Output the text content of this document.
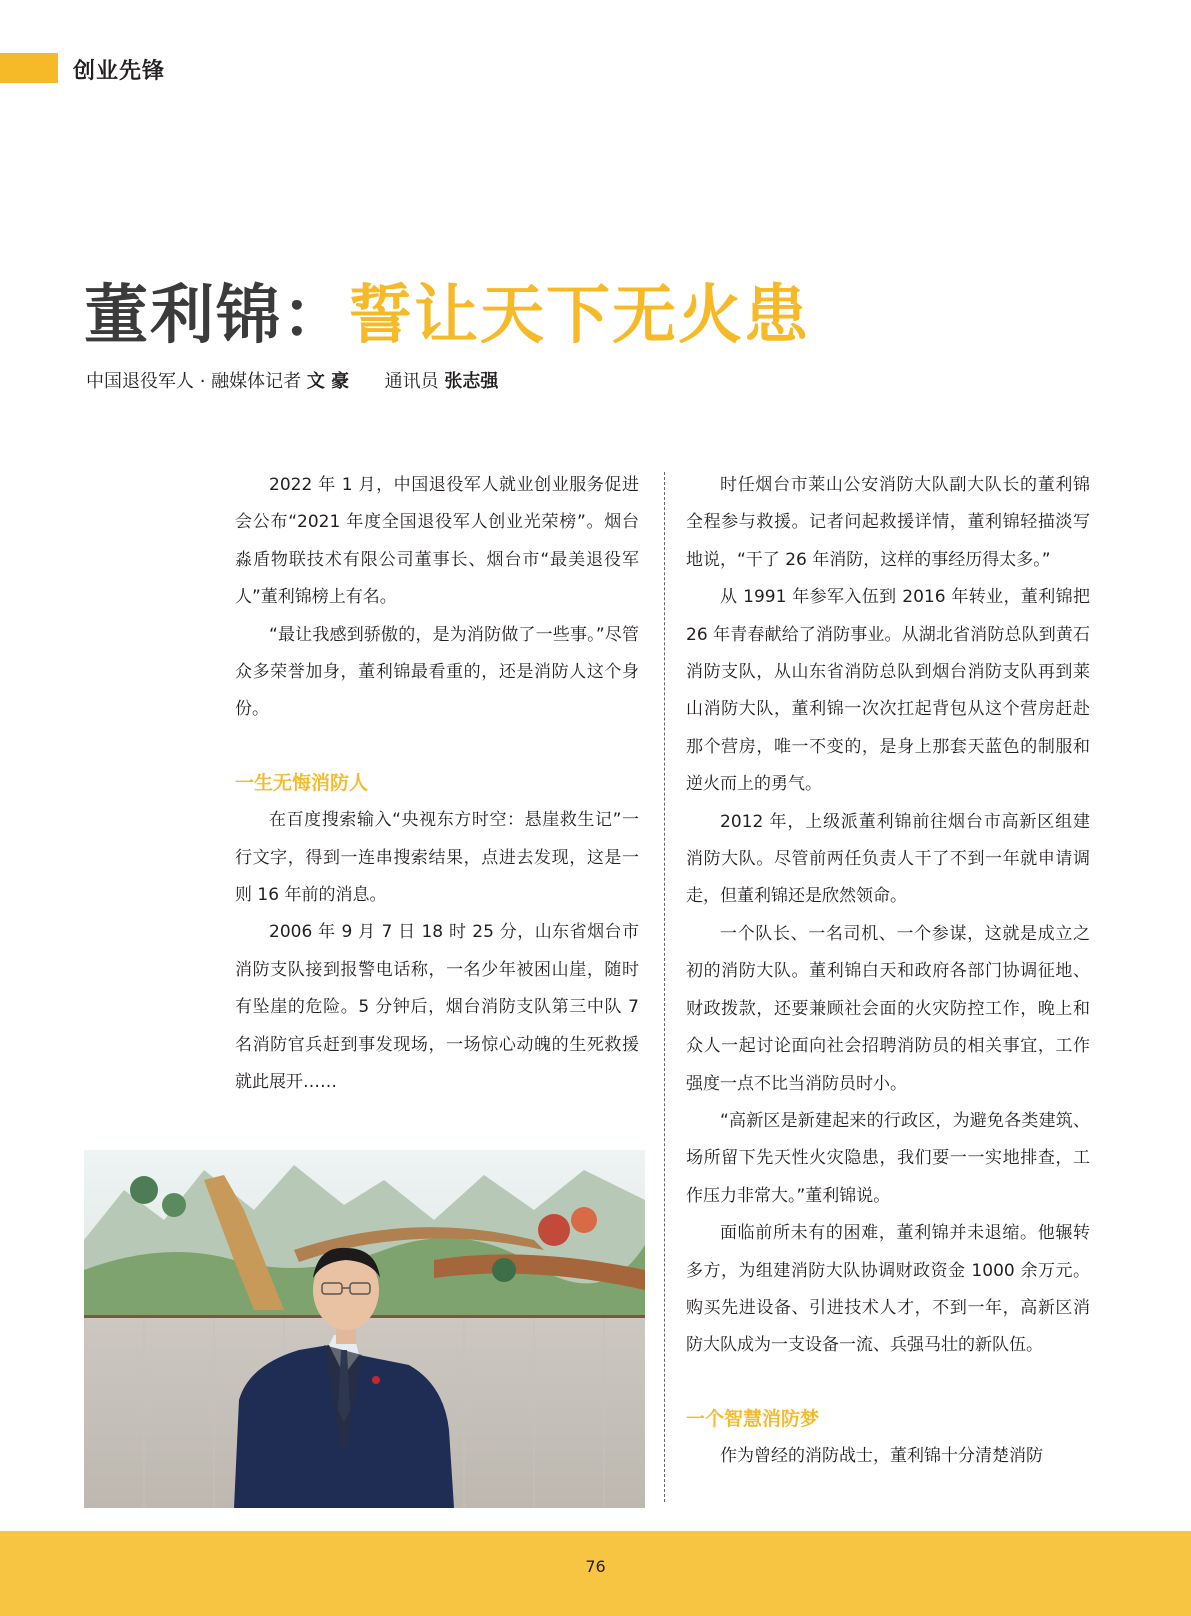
创业先锋
董利锦：誓让天下无火患
中国退役军人 · 融媒体记者 文 豪 通讯员 张志强

2022 年 1 月，中国退役军人就业创业服务促进会公布“2021 年度全国退役军人创业光荣榜”。烟台淼盾物联技术有限公司董事长、烟台市“最美退役军人”董利锦榜上有名。

“最让我感到骄傲的，是为消防做了一些事。”尽管众多荣誉加身，董利锦最看重的，还是消防人这个身份。

一生无悔消防人

在百度搜索输入“央视东方时空：悬崖救生记”一行文字，得到一连串搜索结果，点进去发现，这是一则 16 年前的消息。

2006 年 9 月 7 日 18 时 25 分，山东省烟台市消防支队接到报警电话称，一名少年被困山崖，随时有坠崖的危险。5 分钟后，烟台消防支队第三中队 7 名消防官兵赶到事发现场，一场惊心动魄的生死救援就此展开……

时任烟台市莱山公安消防大队副大队长的董利锦全程参与救援。记者问起救援详情，董利锦轻描淡写地说，“干了 26 年消防，这样的事经历得太多。”

从 1991 年参军入伍到 2016 年转业，董利锦把 26 年青春献给了消防事业。从湖北省消防总队到黄石消防支队，从山东省消防总队到烟台消防支队再到莱山消防大队，董利锦一次次扛起背包从这个营房赶赴那个营房，唯一不变的，是身上那套天蓝色的制服和逆火而上的勇气。

2012 年，上级派董利锦前往烟台市高新区组建消防大队。尽管前两任负责人干了不到一年就申请调走，但董利锦还是欣然领命。

一个队长、一名司机、一个参谋，这就是成立之初的消防大队。董利锦白天和政府各部门协调征地、财政拨款，还要兼顾社会面的火灾防控工作，晚上和众人一起讨论面向社会招聘消防员的相关事宜，工作强度一点不比当消防员时小。

“高新区是新建起来的行政区，为避免各类建筑、场所留下先天性火灾隐患，我们要一一实地排查，工作压力非常大。”董利锦说。

面临前所未有的困难，董利锦并未退缩。他辗转多方，为组建消防大队协调财政资金 1000 余万元。购买先进设备、引进技术人才，不到一年，高新区消防大队成为一支设备一流、兵强马壮的新队伍。

一个智慧消防梦

作为曾经的消防战士，董利锦十分清楚消防

76
